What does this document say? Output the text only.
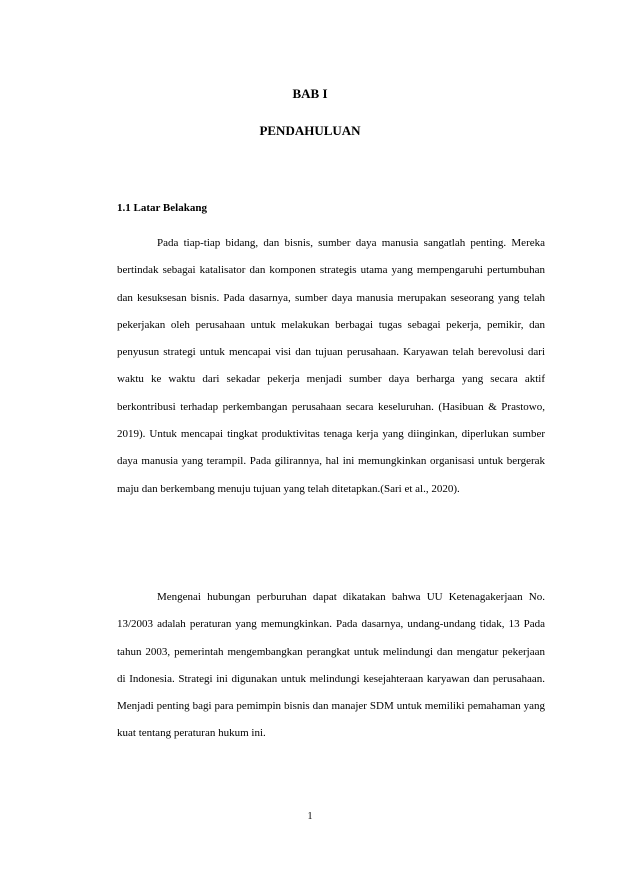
BAB I
PENDAHULUAN
1.1 Latar Belakang

Pada tiap-tiap bidang, dan bisnis, sumber daya manusia sangatlah penting. Mereka bertindak sebagai katalisator dan komponen strategis utama yang mempengaruhi pertumbuhan dan kesuksesan bisnis. Pada dasarnya, sumber daya manusia merupakan seseorang yang telah pekerjakan oleh perusahaan untuk melakukan berbagai tugas sebagai pekerja, pemikir, dan penyusun strategi untuk mencapai visi dan tujuan perusahaan. Karyawan telah berevolusi dari waktu ke waktu dari sekadar pekerja menjadi sumber daya berharga yang secara aktif berkontribusi terhadap perkembangan perusahaan secara keseluruhan. (Hasibuan & Prastowo, 2019). Untuk mencapai tingkat produktivitas tenaga kerja yang diinginkan, diperlukan sumber daya manusia yang terampil. Pada gilirannya, hal ini memungkinkan organisasi untuk bergerak maju dan berkembang menuju tujuan yang telah ditetapkan.(Sari et al., 2020).

Mengenai hubungan perburuhan dapat dikatakan bahwa UU Ketenagakerjaan No. 13/2003 adalah peraturan yang memungkinkan. Pada dasarnya, undang-undang tidak, 13 Pada tahun 2003, pemerintah mengembangkan perangkat untuk melindungi dan mengatur pekerjaan di Indonesia. Strategi ini digunakan untuk melindungi kesejahteraan karyawan dan perusahaan. Menjadi penting bagi para pemimpin bisnis dan manajer SDM untuk memiliki pemahaman yang kuat tentang peraturan hukum ini.

1
